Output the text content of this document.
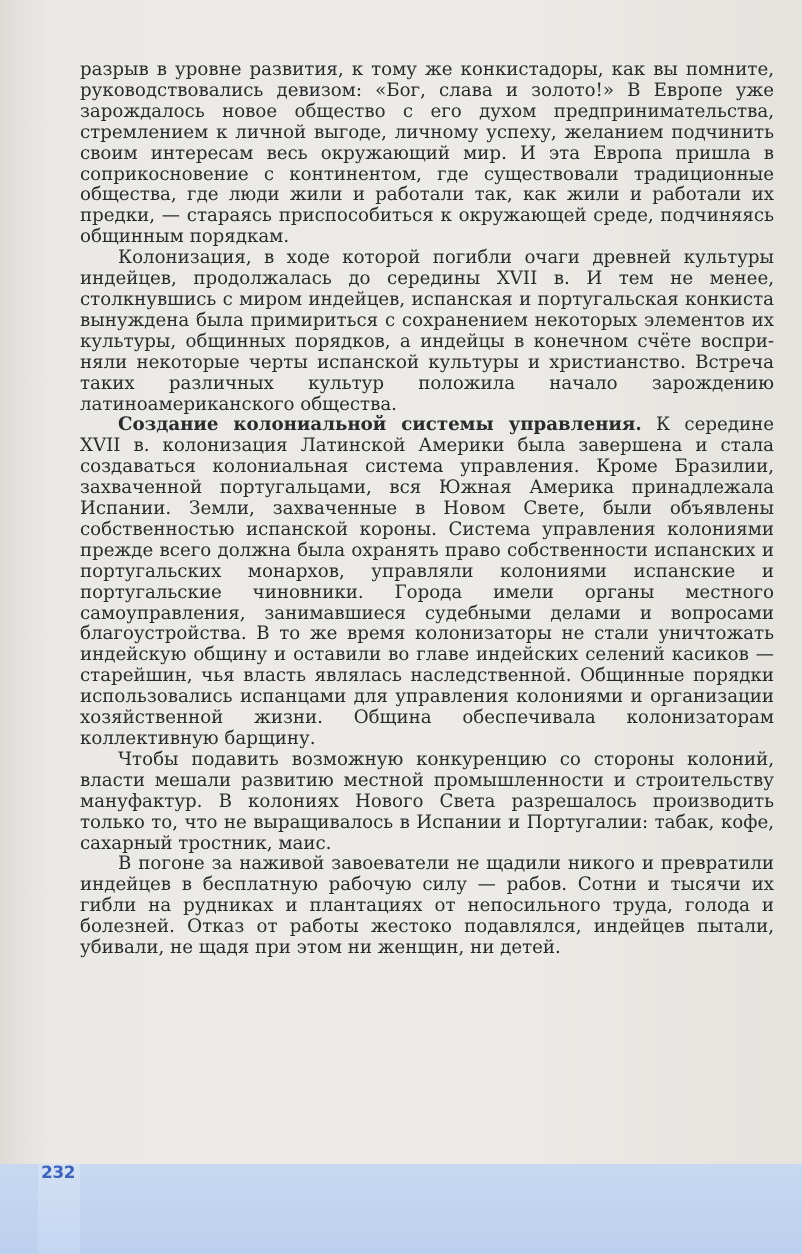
разрыв в уровне развития, к тому же конкистадоры, как вы помните, руководствовались девизом: «Бог, слава и золото!» В Европе уже зарождалось новое общество с его духом предпринимательства, стремлением к личной выгоде, личному успеху, желанием подчинить своим интересам весь окружающий мир. И эта Европа пришла в соприкосновение с континентом, где существовали традиционные общества, где люди жили и работали так, как жили и работали их предки, — стараясь приспособиться к окружающей среде, подчиняясь общинным порядкам.

Колонизация, в ходе которой погибли очаги древней культуры индейцев, продолжалась до середины XVII в. И тем не менее, столкнувшись с миром индейцев, испанская и португальская конкиста вынуждена была примириться с сохранением некоторых элементов их культуры, общинных порядков, а индейцы в конечном счёте восприняли некоторые черты испанской культуры и христианство. Встреча таких различных культур положила начало зарождению латиноамериканского общества.

Создание колониальной системы управления. К середине XVII в. колонизация Латинской Америки была завершена и стала создаваться колониальная система управления. Кроме Бразилии, захваченной португальцами, вся Южная Америка принадлежала Испании. Земли, захваченные в Новом Свете, были объявлены собственностью испанской короны. Система управления колониями прежде всего должна была охранять право собственности испанских и португальских монархов, управляли колониями испанские и португальские чиновники. Города имели органы местного самоуправления, занимавшиеся судебными делами и вопросами благоустройства. В то же время колонизаторы не стали уничтожать индейскую общину и оставили во главе индейских селений касиков — старейшин, чья власть являлась наследственной. Общинные порядки использовались испанцами для управления колониями и организации хозяйственной жизни. Община обеспечивала колонизаторам коллективную барщину.

Чтобы подавить возможную конкуренцию со стороны колоний, власти мешали развитию местной промышленности и строительству мануфактур. В колониях Нового Света разрешалось производить только то, что не выращивалось в Испании и Португалии: табак, кофе, сахарный тростник, маис.

В погоне за наживой завоеватели не щадили никого и превратили индейцев в бесплатную рабочую силу — рабов. Сотни и тысячи их гибли на рудниках и плантациях от непосильного труда, голода и болезней. Отказ от работы жестоко подавлялся, индейцев пытали, убивали, не щадя при этом ни женщин, ни детей.

232
